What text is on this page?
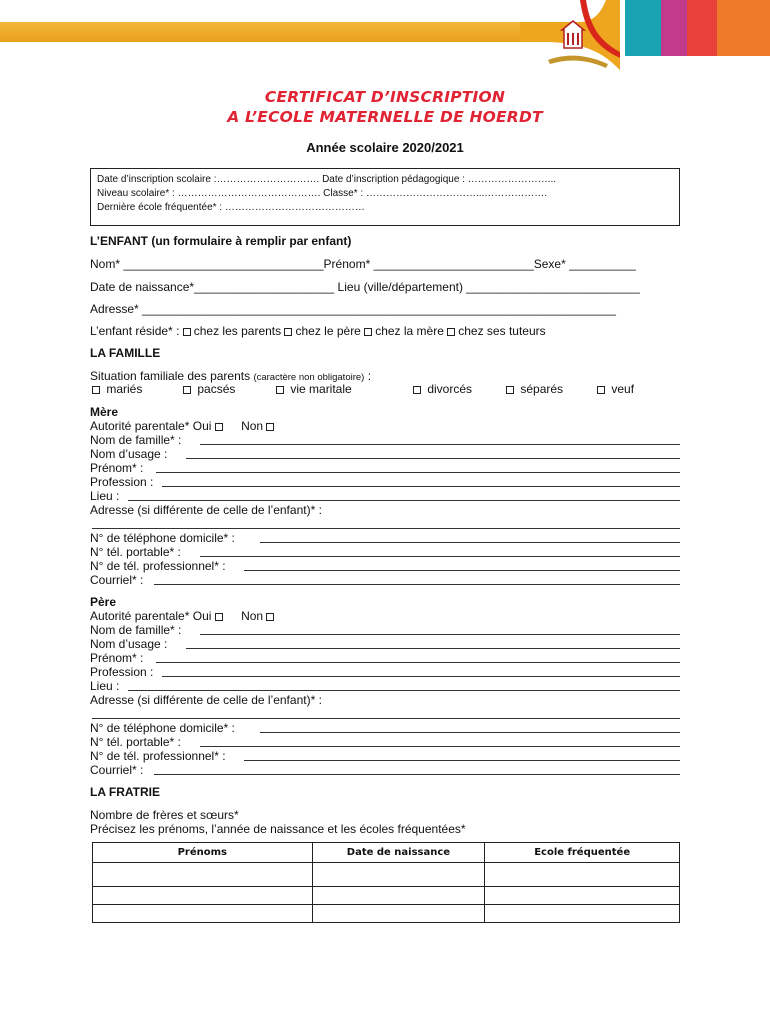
CERTIFICAT D’INSCRIPTION
A L’ECOLE MATERNELLE DE HOERDT
Année scolaire 2020/2021
Date d’inscription scolaire :…………………………. Date d’inscription pédagogique : ……………………...
Niveau scolaire* : ……………………………………. Classe* : ……………………………...……………….
Dernière école fréquentée* : ……………………………………
L’ENFANT (un formulaire à remplir par enfant)
Nom* ______________________________Prénom* ________________________Sexe* __________
Date de naissance*_____________________ Lieu (ville/département) __________________________
Adresse* _______________________________________________________________________
L’enfant réside* : chez les parents chez le père chez la mère chez ses tuteurs
LA FAMILLE
Situation familiale des parents (caractère non obligatoire) :
mariés	pacsés	vie maritale	divorcés	séparés	veuf
Mère
Autorité parentale* Oui Non
Nom de famille* :
Nom d’usage :
Prénom* :
Profession :
Lieu :
Adresse (si différente de celle de l’enfant)* :
N° de téléphone domicile* :
N° tél. portable* :
N° de tél. professionnel* :
Courriel* :
Père
Autorité parentale* Oui Non
Nom de famille* :
Nom d’usage :
Prénom* :
Profession :
Lieu :
Adresse (si différente de celle de l’enfant)* :
N° de téléphone domicile* :
N° tél. portable* :
N° de tél. professionnel* :
Courriel* :
LA FRATRIE
Nombre de frères et sœurs*
Précisez les prénoms, l’année de naissance et les écoles fréquentées*
Prénoms	Date de naissance	Ecole fréquentée
